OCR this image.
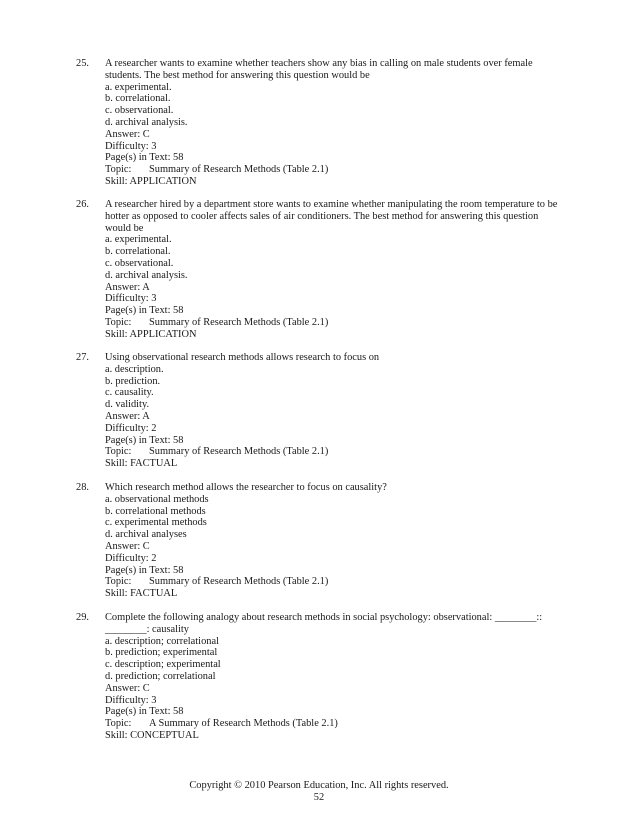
25. A researcher wants to examine whether teachers show any bias in calling on male students over female
students. The best method for answering this question would be
a. experimental.
b. correlational.
c. observational.
d. archival analysis.
Answer: C
Difficulty: 3
Page(s) in Text: 58
Topic: Summary of Research Methods (Table 2.1)
Skill: APPLICATION
26. A researcher hired by a department store wants to examine whether manipulating the room temperature to be
hotter as opposed to cooler affects sales of air conditioners. The best method for answering this question
would be
a. experimental.
b. correlational.
c. observational.
d. archival analysis.
Answer: A
Difficulty: 3
Page(s) in Text: 58
Topic: Summary of Research Methods (Table 2.1)
Skill: APPLICATION
27. Using observational research methods allows research to focus on
a. description.
b. prediction.
c. causality.
d. validity.
Answer: A
Difficulty: 2
Page(s) in Text: 58
Topic: Summary of Research Methods (Table 2.1)
Skill: FACTUAL
28. Which research method allows the researcher to focus on causality?
a. observational methods
b. correlational methods
c. experimental methods
d. archival analyses
Answer: C
Difficulty: 2
Page(s) in Text: 58
Topic: Summary of Research Methods (Table 2.1)
Skill: FACTUAL
29. Complete the following analogy about research methods in social psychology: observational: ________::
________: causality
a. description; correlational
b. prediction; experimental
c. description; experimental
d. prediction; correlational
Answer: C
Difficulty: 3
Page(s) in Text: 58
Topic: A Summary of Research Methods (Table 2.1)
Skill: CONCEPTUAL
Copyright © 2010 Pearson Education, Inc. All rights reserved.
52
